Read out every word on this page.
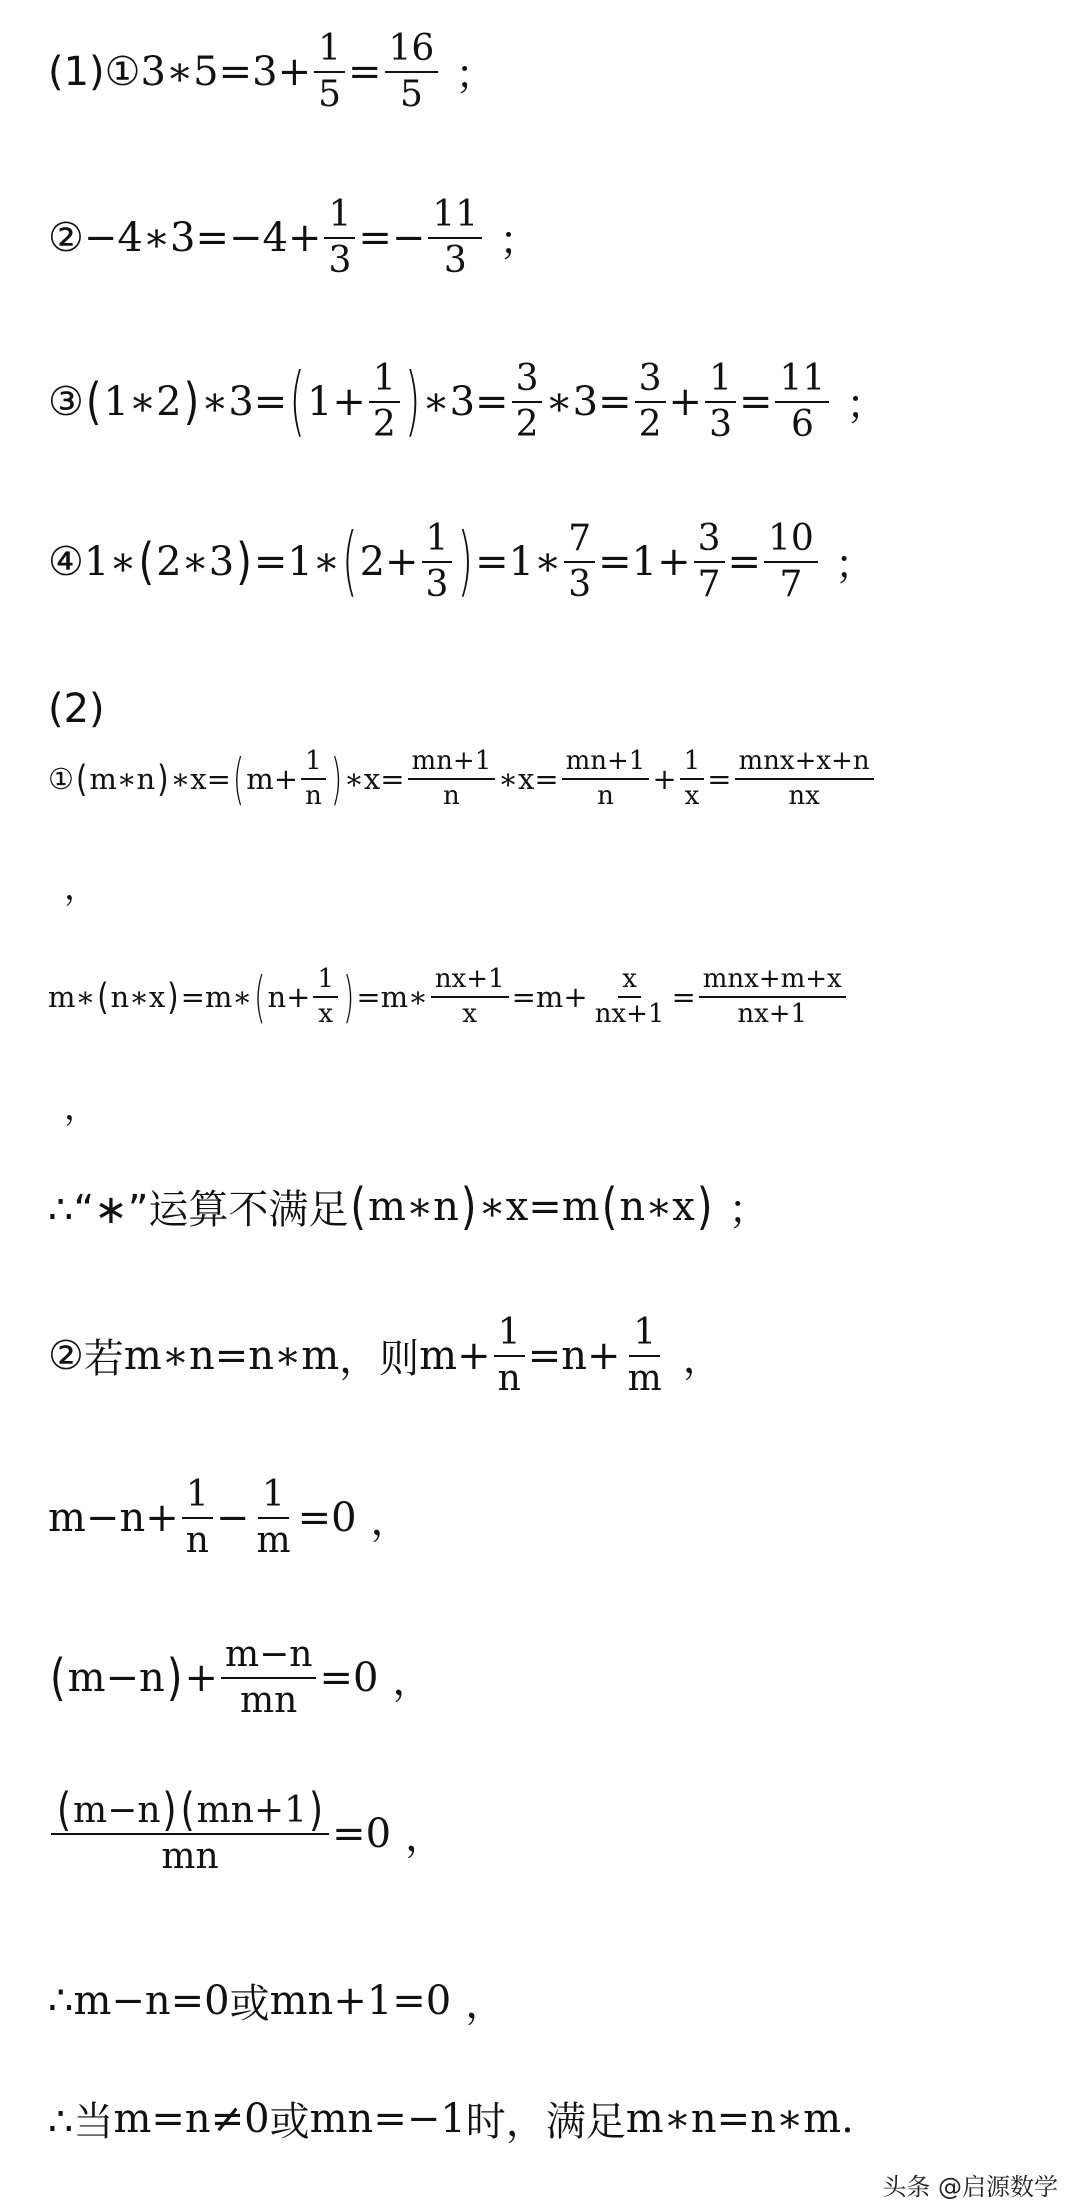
(1) ① 3∗5=3+ $\frac{1}{5} = \frac{16}{5}$ ；
② −4∗3=−4+ $\frac{1}{3} =- \frac{11}{3}$ ；
③ ( 1∗2 ) ∗3= ( $1+ \frac{1}{2}$ ) ∗3= $\frac{3}{2}$ ∗3= $\frac{3}{2} + \frac{1}{3} = \frac{11}{6}$ ；
④ 1∗ ( 2∗3 ) =1∗ ( $2+ \frac{1}{3}$ ) =1∗ $\frac{7}{3} =1+ \frac{3}{7} = \frac{10}{7}$ ；
(2)
① ( m∗n ) ∗x= ( $m+ \frac{1}{n}$ ) ∗x= $\frac{mn+1}{n}$ ∗x= $\frac{mn+1}{n} + \frac{1}{x} = \frac{\text{mnx+x+n}}{nx}$
，
m∗ ( n∗x ) =m∗ ( $n+ \frac{1}{x}$ ) =m∗ $\frac{nx+1}{x} =m+ \frac{x}{nx+1} = \frac{\text{mnx+m+x}}{nx+1}$
，
∴“∗”运算不满足 ( m∗n ) ∗x=m ( n∗x ) ；
② 若 m∗n=n∗m ，则 $m+ \frac{1}{n} =n+ \frac{1}{m}$ ，
$m-n+ \frac{1}{n} - \frac{1}{m} =0$ ，
( m−n ) + $\frac{m-n}{mn} =0$ ，
$\frac{(m-n) (mn+1)}{mn} =0$ ，
∴ m−n=0 或 mn+1=0 ，
∴当 m=n≠0 或 mn=−1 时，满足 m∗n=n∗m.
头条 @启源数学
